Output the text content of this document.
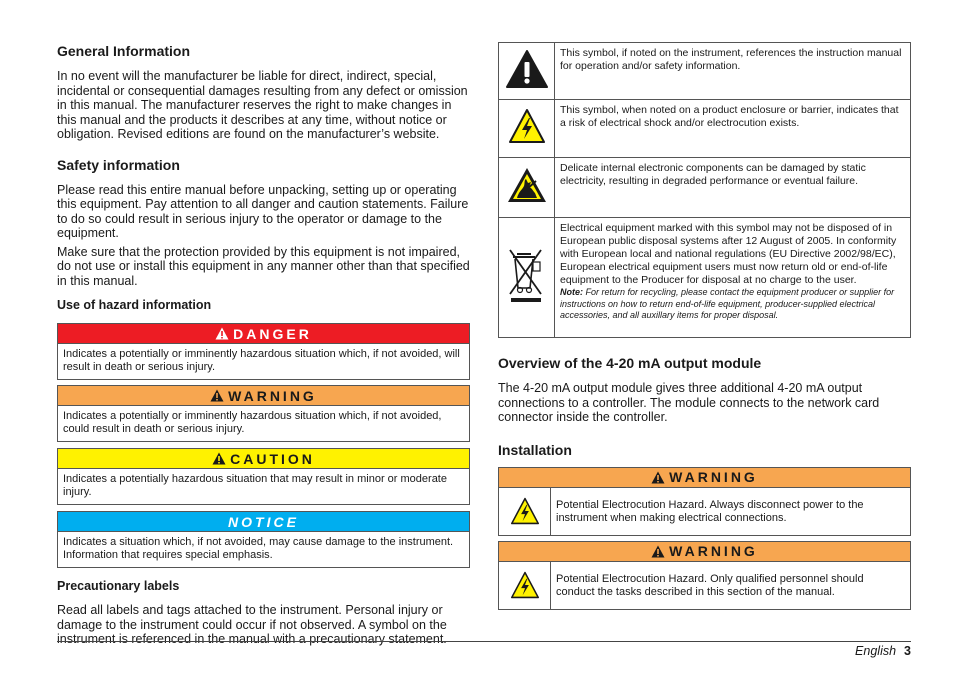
General Information

In no event will the manufacturer be liable for direct, indirect, special, incidental or consequential damages resulting from any defect or omission in this manual. The manufacturer reserves the right to make changes in this manual and the products it describes at any time, without notice or obligation. Revised editions are found on the manufacturer’s website.

Safety information

Please read this entire manual before unpacking, setting up or operating this equipment. Pay attention to all danger and caution statements. Failure to do so could result in serious injury to the operator or damage to the equipment.

Make sure that the protection provided by this equipment is not impaired, do not use or install this equipment in any manner other than that specified in this manual.

Use of hazard information
DANGER
Indicates a potentially or imminently hazardous situation which, if not avoided, will result in death or serious injury.
WARNING
Indicates a potentially or imminently hazardous situation which, if not avoided, could result in death or serious injury.
CAUTION
Indicates a potentially hazardous situation that may result in minor or moderate injury.
NOTICE
Indicates a situation which, if not avoided, may cause damage to the instrument. Information that requires special emphasis.
Precautionary labels

Read all labels and tags attached to the instrument. Personal injury or damage to the instrument could occur if not observed. A symbol on the instrument is referenced in the manual with a precautionary statement.

	This symbol, if noted on the instrument, references the instruction manual for operation and/or safety information.
	This symbol, when noted on a product enclosure or barrier, indicates that a risk of electrical shock and/or electrocution exists.
	Delicate internal electronic components can be damaged by static electricity, resulting in degraded performance or eventual failure.

Electrical equipment marked with this symbol may not be disposed of in European public disposal systems after 12 August of 2005. In conformity with European local and national regulations (EU Directive 2002/98/EC), European electrical equipment users must now return old or end-of-life equipment to the Producer for disposal at no charge to the user.
Note: For return for recycling, please contact the equipment producer or supplier for instructions on how to return end-of-life equipment, producer-supplied electrical accessories, and all auxillary items for proper disposal.
Overview of the 4-20 mA output module

The 4-20 mA output module gives three additional 4-20 mA output connections to a controller. The module connects to the network card connector inside the controller.

Installation
WARNING
Potential Electrocution Hazard. Always disconnect power to the instrument when making electrical connections.
WARNING
Potential Electrocution Hazard. Only qualified personnel should conduct the tasks described in this section of the manual.
English 3
